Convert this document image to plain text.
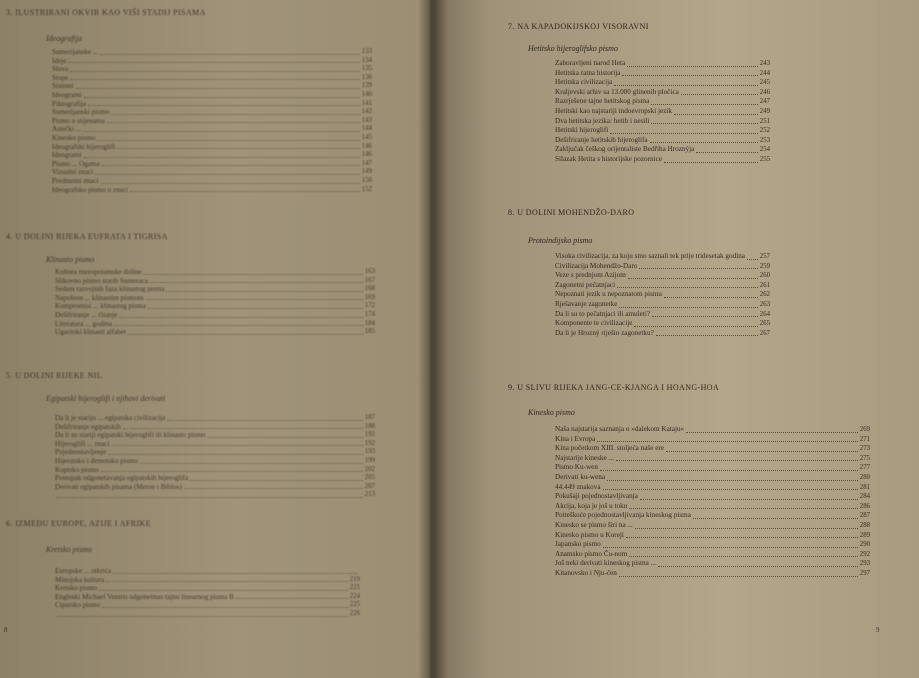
3. ILUSTRIRANI OKVIR KAO VIŠI STADIJ PISAMA
Ideografija
Sumerijanske ...	133
Ideje	134
Slova	135
Stope	136
Sistemi	139
Ideogrami	140
Piktografija	141
Sumerijanski pismo	142
Pismo u stijenama	143
Astečki ...	144
Kinesko pismo	145
Ideografski hijeroglifi	146
Ideogrami	146
Pismo ... Ogama	147
Vizualni znaci	149
Predmetni znaci	150
Ideografsko pismo u znaci	152
4. U DOLINI RIJEKA EUFRATA I TIGRISA
Klinasto pismo
Kultura mezopotamske doline	163
Slikovno pismo starih Sumeraca	167
Sedam razvojnih faza klinastog pisma	168
Napoleon ... klinastim pismom	169
Kompromisi ... klinastog pisma	172
Dešifriranje ... čitanje	174
Literatura ... godina	184
Ugaritski klinasti alfabet	185
5. U DOLINI RIJEKE NIL
Egipatski hijeroglifi i njihovi derivati
Da li je stariju ... egipatska civilizacija	187
Dešifriranje egipatskih ...	188
Da li su stariji egipatski hijeroglifi ili klinasto pismo	192
Hijeroglifi ... znaci	192
Pojednostavljenje	193
Hijeratsko i demotsko pismo	199
Koptsko pismo	202
Postupak odgonetavanja egipatskih hijeroglifa	205
Derivati egipatskih pisama (Meroe i Biblos)	207
213
6. IZMEĐU EUROPE, AZIJE I AFRIKE
Kretsko pismo
Europske ... otkrića
Minojska kultura	219
Kretsko pismo	221
Engleski Michael Ventris odgonetnuo tajnu linearnog pisma B	224
Ciparsko pismo	225
226
8
7. NA KAPADOKIJSKOJ VISORAVNI
Hetitsko hijeroglifsko pismo
Zaboravljeni narod Heta	243
Hetitska ratna historija	244
Hetitska civilizacija	245
Kraljevski arhiv sa 13.000 glinenih pločica	246
Razrješene tajne hetitskog pisma	247
Hetitski kao najstariji indoevropski jezik	249
Dva hetitska jezika: hetih i nesili	251
Hetitski hijeroglifi	252
Dešifriranje hetitskih hijeroglifa	253
Zaključak češkog orijentaliste Bedřiha Hroznýja	254
Silazak Hetita s historijske pozornice	255
8. U DOLINI MOHENDŽO-DARO
Protoindijsko pismo
Visoka civilizacija, za koju smo saznali tek prije tridesetak godina 257
Civilizacija Mohendžo-Daro	259
Veze s prednjom Azijom	260
Zagonetni pečatnjaci	261
Nepoznati jezik u nepoznatom pismu	262
Rješavanje zagonetke	263
Da li su to pečatnjaci ili amuleti?	264
Komponente te civilizacije	265
Da li je Hrozný riješio zagonetku?	267
9. U SLIVU RIJEKA JANG-CE-KJANGA I HOANG-HOA
Kinesko pismo
Naša najstarija saznanja o »dalekom Kataju«	269
Kina i Evropa	271
Kina početkom XIII. stoljeća naše ere	273
Najstarije kineske ...	275
Pismo Ku-wen	277
Derivati ku-wena	280
44.449 znakova	281
Pokušaji pojednostavljivanja	284
Akcija, koja je još u toku	286
Potteškoće pojednostavljivanja kineskog pisma	287
Kinesko se pismo širi na ...	288
Kinesko pismo u Koreji	289
Japansko pismo	290
Anamsko pismo Ču-nom	292
Još neki derivati kineskog pisma ...	293
Kitanovsko i Nju-čen	297
9
